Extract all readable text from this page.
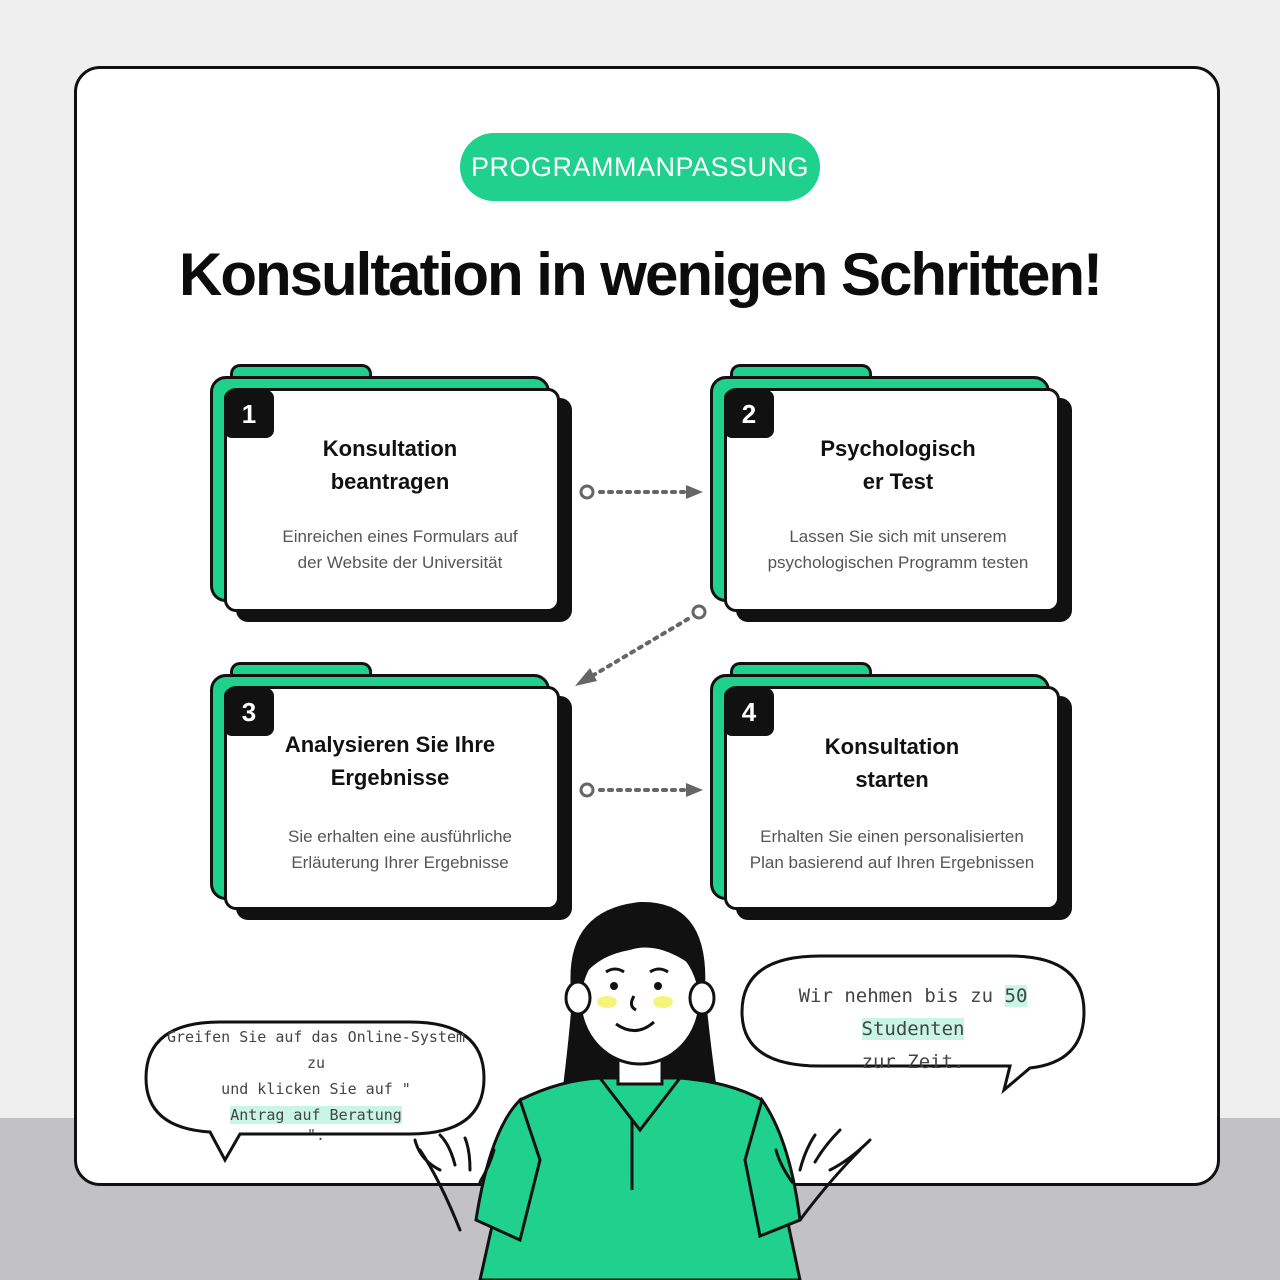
PROGRAMMANPASSUNG
Konsultation in wenigen Schritten!
1
Konsultation
beantragen
Einreichen eines Formulars auf
der Website der Universität
2
Psychologisch
er Test
Lassen Sie sich mit unserem
psychologischen Programm testen
3
Analysieren Sie Ihre
Ergebnisse
Sie erhalten eine ausführliche
Erläuterung Ihrer Ergebnisse
4
Konsultation
starten
Erhalten Sie einen personalisierten
Plan basierend auf Ihren Ergebnissen
Greifen Sie auf das Online-System zu
und klicken Sie auf "
Antrag auf Beratung
".
Wir nehmen bis zu 50 Studenten
zur Zeit.
